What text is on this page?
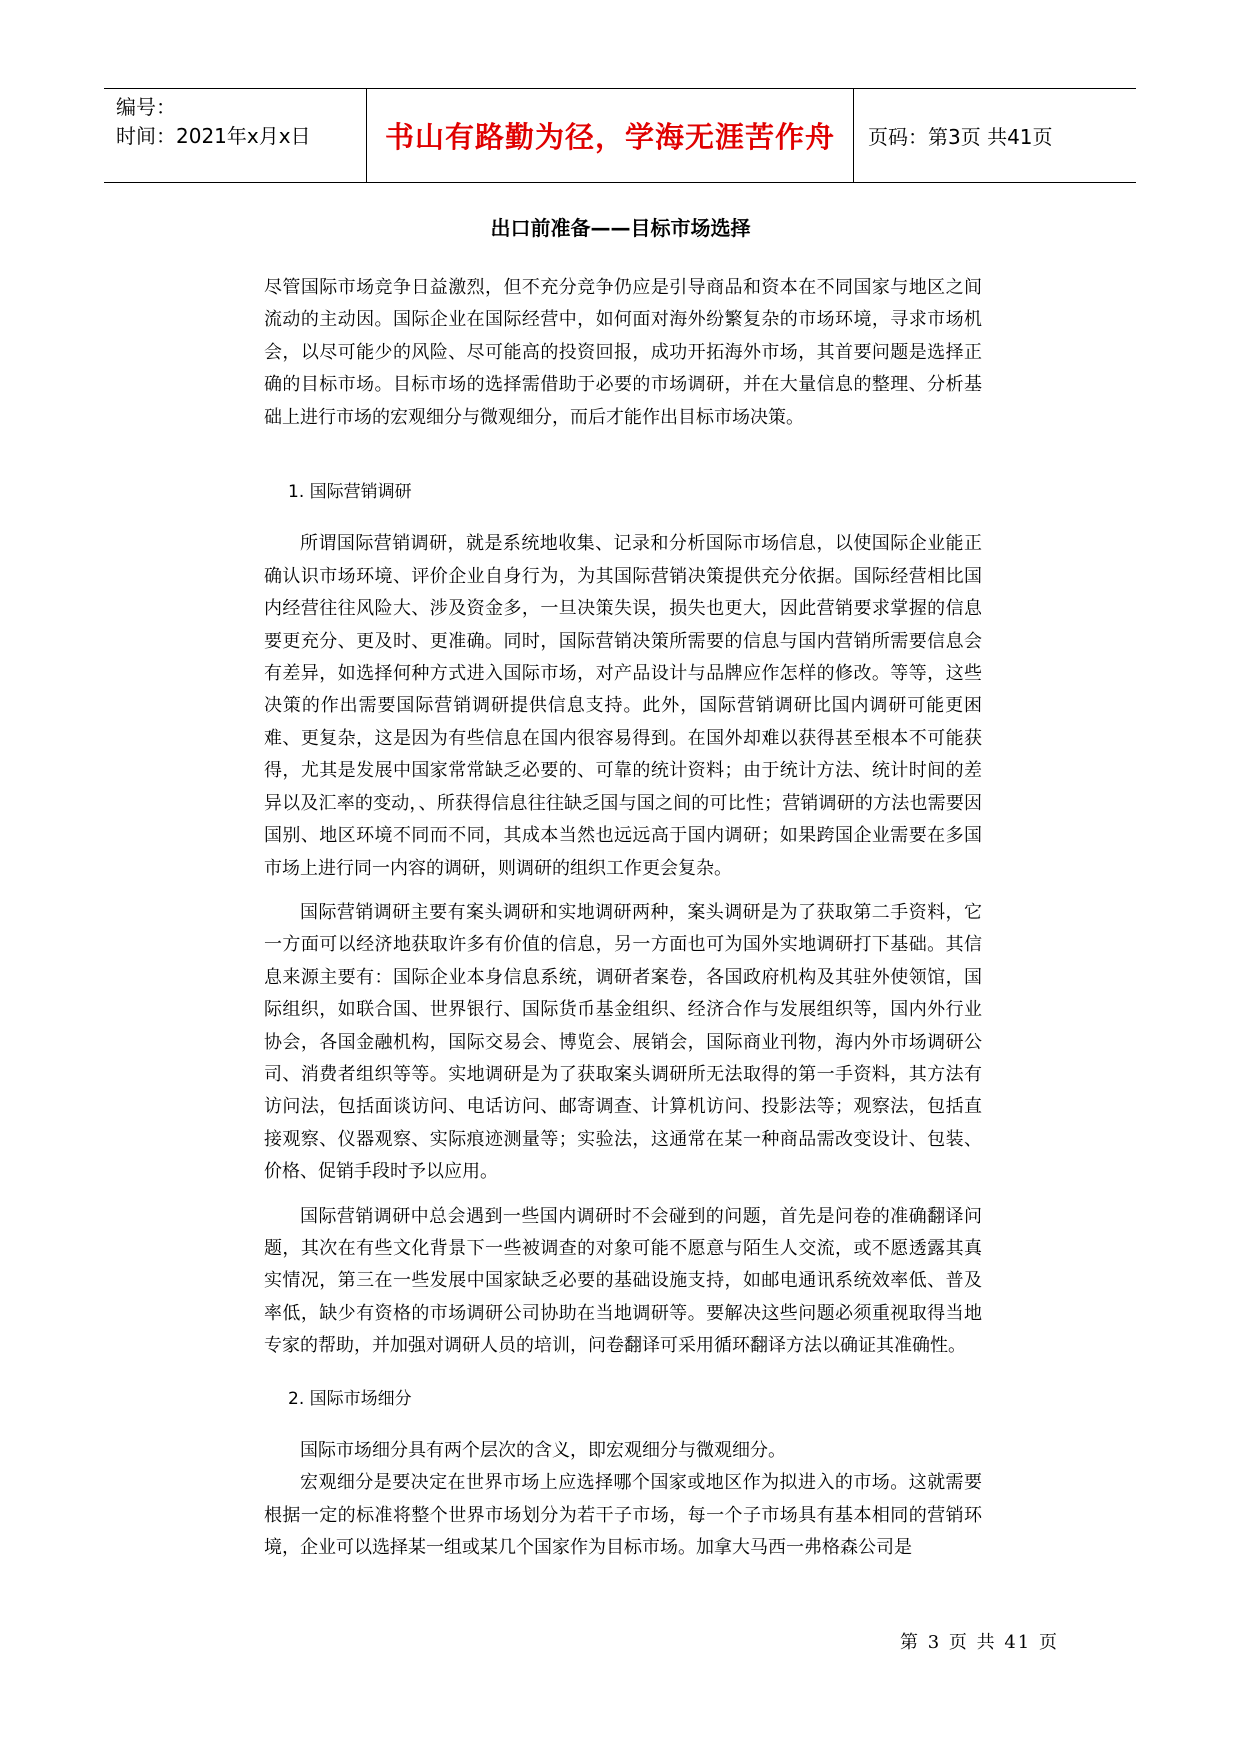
编号：
时间：2021年x月x日	书山有路勤为径，学海无涯苦作舟	页码：第3页 共41页
出口前准备——目标市场选择

尽管国际市场竞争日益激烈，但不充分竞争仍应是引导商品和资本在不同国家与地区之间流动的主动因。国际企业在国际经营中，如何面对海外纷繁复杂的市场环境，寻求市场机会，以尽可能少的风险、尽可能高的投资回报，成功开拓海外市场，其首要问题是选择正确的目标市场。目标市场的选择需借助于必要的市场调研，并在大量信息的整理、分析基础上进行市场的宏观细分与微观细分，而后才能作出目标市场决策。

1. 国际营销调研

所谓国际营销调研，就是系统地收集、记录和分析国际市场信息，以使国际企业能正确认识市场环境、评价企业自身行为，为其国际营销决策提供充分依据。国际经营相比国内经营往往风险大、涉及资金多，一旦决策失误，损失也更大，因此营销要求掌握的信息要更充分、更及时、更准确。同时，国际营销决策所需要的信息与国内营销所需要信息会有差异，如选择何种方式进入国际市场，对产品设计与品牌应作怎样的修改。等等，这些决策的作出需要国际营销调研提供信息支持。此外，国际营销调研比国内调研可能更困难、更复杂，这是因为有些信息在国内很容易得到。在国外却难以获得甚至根本不可能获得，尤其是发展中国家常常缺乏必要的、可靠的统计资料；由于统计方法、统计时间的差异以及汇率的变动，、所获得信息往往缺乏国与国之间的可比性；营销调研的方法也需要因国别、地区环境不同而不同，其成本当然也远远高于国内调研；如果跨国企业需要在多国市场上进行同一内容的调研，则调研的组织工作更会复杂。

国际营销调研主要有案头调研和实地调研两种，案头调研是为了获取第二手资料，它一方面可以经济地获取许多有价值的信息，另一方面也可为国外实地调研打下基础。其信息来源主要有：国际企业本身信息系统，调研者案卷，各国政府机构及其驻外使领馆，国际组织，如联合国、世界银行、国际货币基金组织、经济合作与发展组织等，国内外行业协会，各国金融机构，国际交易会、博览会、展销会，国际商业刊物，海内外市场调研公司、消费者组织等等。实地调研是为了获取案头调研所无法取得的第一手资料，其方法有访问法，包括面谈访问、电话访问、邮寄调查、计算机访问、投影法等；观察法，包括直接观察、仪器观察、实际痕迹测量等；实验法，这通常在某一种商品需改变设计、包装、价格、促销手段时予以应用。

国际营销调研中总会遇到一些国内调研时不会碰到的问题，首先是问卷的准确翻译问题，其次在有些文化背景下一些被调查的对象可能不愿意与陌生人交流，或不愿透露其真实情况，第三在一些发展中国家缺乏必要的基础设施支持，如邮电通讯系统效率低、普及率低，缺少有资格的市场调研公司协助在当地调研等。要解决这些问题必须重视取得当地专家的帮助，并加强对调研人员的培训，问卷翻译可采用循环翻译方法以确证其准确性。

2. 国际市场细分

国际市场细分具有两个层次的含义，即宏观细分与微观细分。

宏观细分是要决定在世界市场上应选择哪个国家或地区作为拟进入的市场。这就需要根据一定的标准将整个世界市场划分为若干子市场，每一个子市场具有基本相同的营销环境，企业可以选择某一组或某几个国家作为目标市场。加拿大马西一弗格森公司是

第 3 页 共 41 页
